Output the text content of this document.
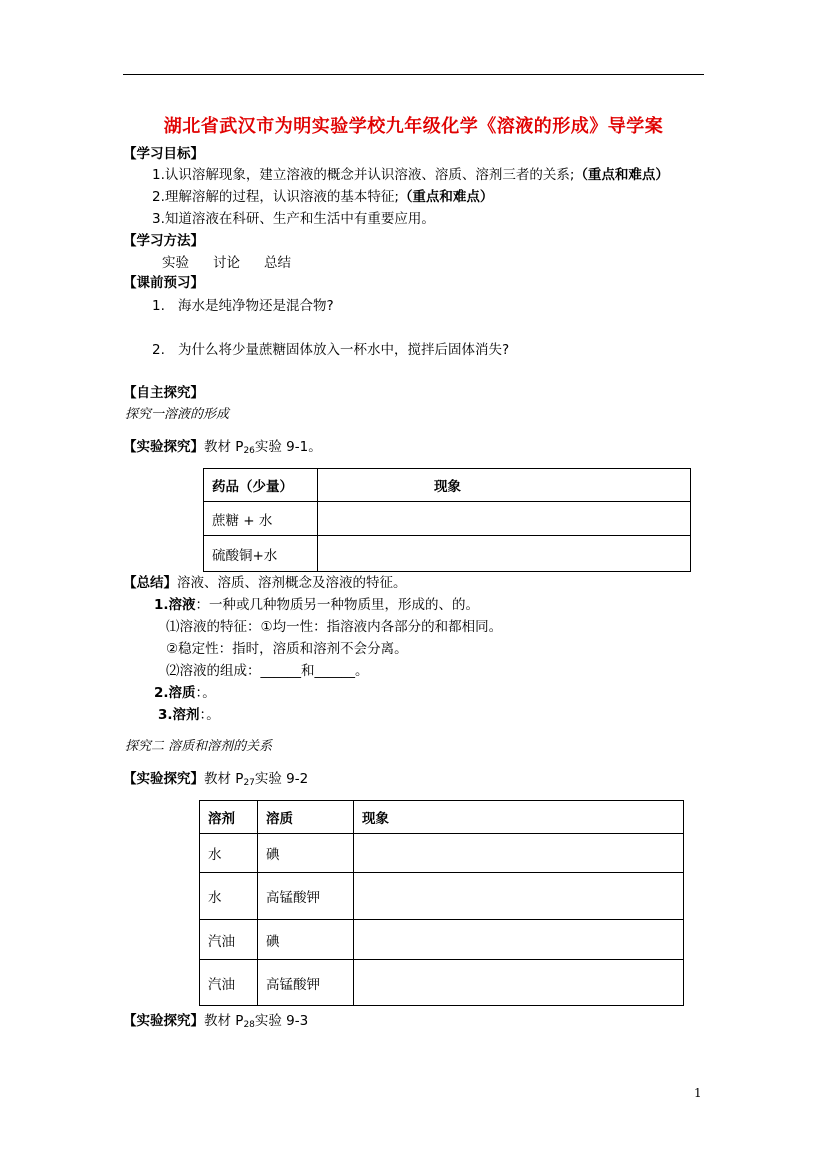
湖北省武汉市为明实验学校九年级化学《溶液的形成》导学案
【学习目标】
1.认识溶解现象，建立溶液的概念并认识溶液、溶质、溶剂三者的关系;（重点和难点）
2.理解溶解的过程，认识溶液的基本特征;（重点和难点）
3.知道溶液在科研、生产和生活中有重要应用。
【学习方法】
实验 讨论 总结
【课前预习】
1. 海水是纯净物还是混合物?
2. 为什么将少量蔗糖固体放入一杯水中，搅拌后固体消失?
【自主探究】
探究一溶液的形成
【实验探究】教材 $P_{26}$实验 9-1。
药品（少量）	现象
蔗糖 + 水	
硫酸铜+水	
【总结】溶液、溶质、溶剂概念及溶液的特征。
1.溶液：一种或几种物质另一种物质里，形成的、的。
⑴溶液的特征：①均一性：指溶液内各部分的和都相同。
②稳定性：指时，溶质和溶剂不会分离。
⑵溶液的组成：______和______。
2.溶质：。
3.溶剂：。
探究二 溶质和溶剂的关系
【实验探究】教材 $P_{27}$实验 9-2
溶剂	溶质	现象
水	碘	
水	高锰酸钾	
汽油	碘	
汽油	高锰酸钾	
【实验探究】教材 $P_{28}$实验 9-3
1
